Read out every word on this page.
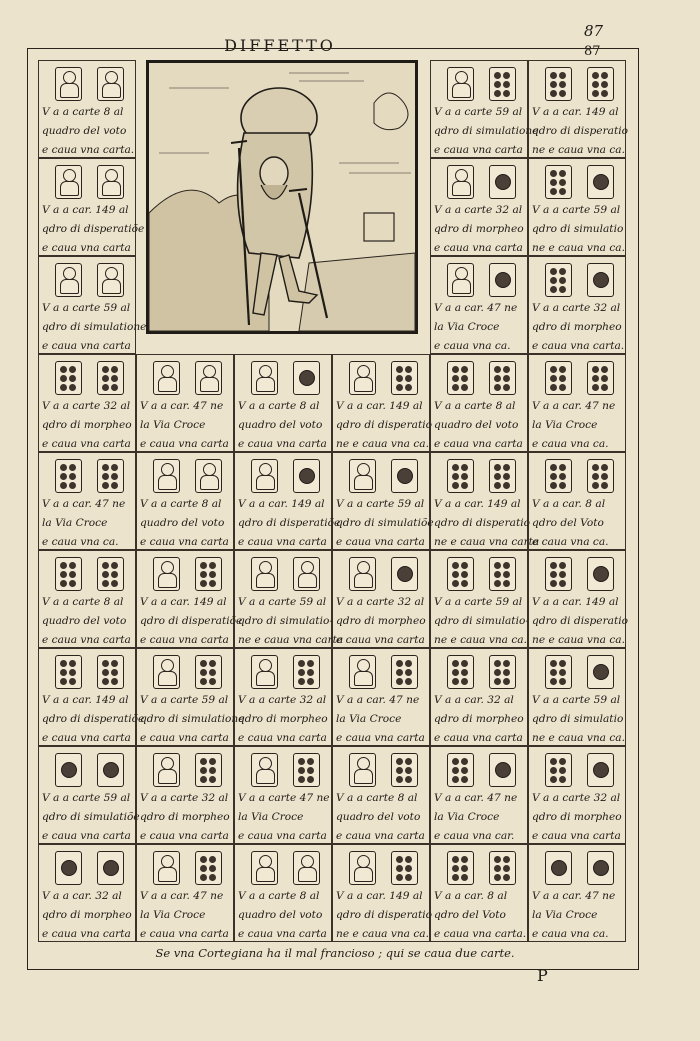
87
87
DIFFETTO
V a a carte 8 al
quadro del voto
e caua vna carta.
V a a car. 149 al
qdro di disperatiõe
e caua vna carta
V a a carte 59 al
qdro di simulatione
e caua vna carta
V a a carte 59 al
qdro di simulatione
e caua vna carta
V a a car. 149 al
qdro di disperatio
ne e caua vna ca.
V a a carte 32 al
qdro di morpheo
e caua vna carta
V a a carte 59 al
qdro di simulatio
ne e caua vna ca.
V a a car. 47 ne
la Via Croce
e caua vna ca.
V a a carte 32 al
qdro di morpheo
e caua vna carta.
V a a carte 32 al
qdro di morpheo
e caua vna carta
V a a car. 47 ne
la Via Croce
e caua vna carta
V a a carte 8 al
quadro del voto
e caua vna carta
V a a car. 149 al
qdro di disperatio
ne e caua vna ca.
V a a carte 8 al
quadro del voto
e caua vna carta
V a a car. 47 ne
la Via Croce
e caua vna ca.
V a a car. 47 ne
la Via Croce
e caua vna ca.
V a a carte 8 al
quadro del voto
e caua vna carta
V a a car. 149 al
qdro di disperatiõe
e caua vna carta
V a a carte 59 al
qdro di simulatiõe
e caua vna carta
V a a car. 149 al
qdro di disperatio
ne e caua vna carta
V a a car. 8 al
qdro del Voto
e caua vna ca.
V a a carte 8 al
quadro del voto
e caua vna carta
V a a car. 149 al
qdro di disperatiõe
e caua vna carta
V a a carte 59 al
qdro di simulatio-
ne e caua vna carta
V a a carte 32 al
qdro di morpheo
e caua vna carta
V a a carte 59 al
qdro di simulatio-
ne e caua vna ca.
V a a car. 149 al
qdro di disperatio
ne e caua vna ca.
V a a car. 149 al
qdro di disperatiõe
e caua vna carta
V a a carte 59 al
qdro di simulatione
e caua vna carta
V a a carte 32 al
qdro di morpheo
e caua vna carta
V a a car. 47 ne
la Via Croce
e caua vna carta
V a a car. 32 al
qdro di morpheo
e caua vna carta
V a a carte 59 al
qdro di simulatio
ne e caua vna ca.
V a a carte 59 al
qdro di simulatiõe
e caua vna carta
V a a carte 32 al
qdro di morpheo
e caua vna carta
V a a carte 47 ne
la Via Croce
e caua vna carta
V a a carte 8 al
quadro del voto
e caua vna carta
V a a car. 47 ne
la Via Croce
e caua vna car.
V a a carte 32 al
qdro di morpheo
e caua vna carta
V a a car. 32 al
qdro di morpheo
e caua vna carta
V a a car. 47 ne
la Via Croce
e caua vna carta
V a a carte 8 al
quadro del voto
e caua vna carta
V a a car. 149 al
qdro di disperatio
ne e caua vna ca.
V a a car. 8 al
qdro del Voto
e caua vna carta.
V a a car. 47 ne
la Via Croce
e caua vna ca.
Se vna Cortegiana ha il mal francioso ; qui se caua due carte.
P
